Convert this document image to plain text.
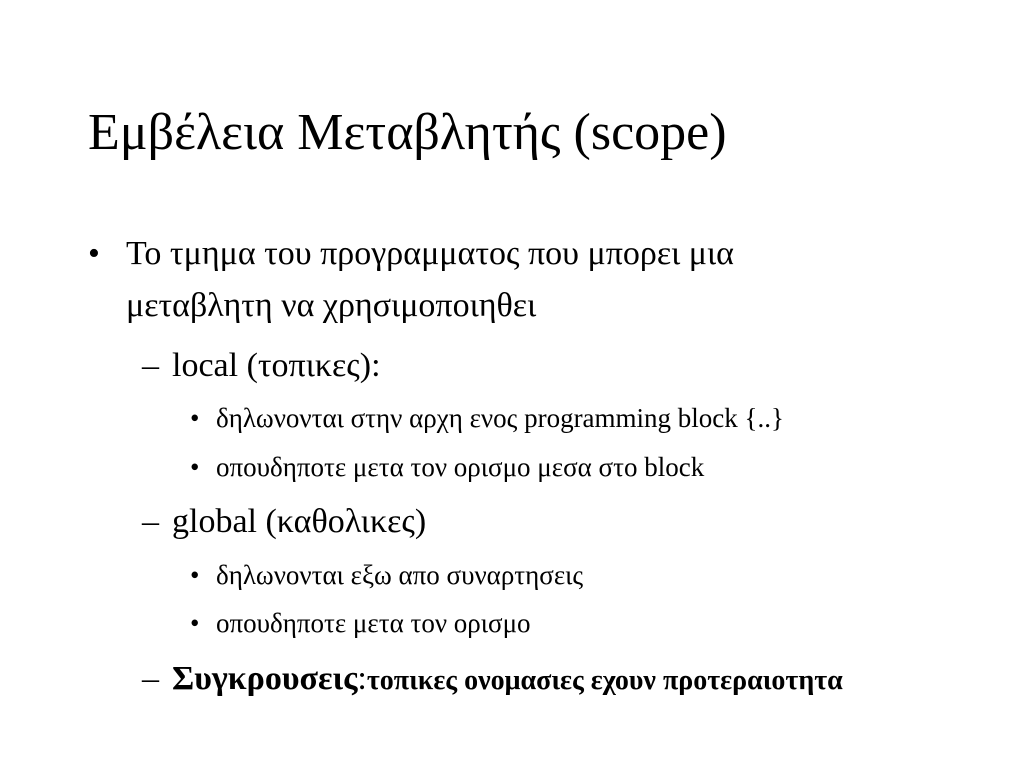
Εμβέλεια Μεταβλητής (scope)
• Το τμημα του προγραμματος που μπορει μια
μεταβλητη να χρησιμοποιηθει
– local (τοπικες):
• δηλωνονται στην αρχη ενος programming block {..}
• οπουδηποτε μετα τον ορισμο μεσα στο block
– global (καθολικες)
• δηλωνονται εξω απο συναρτησεις
• οπουδηποτε μετα τον ορισμο
– Συγκρουσεις:τοπικες ονομασιες εχουν προτεραιοτητα
